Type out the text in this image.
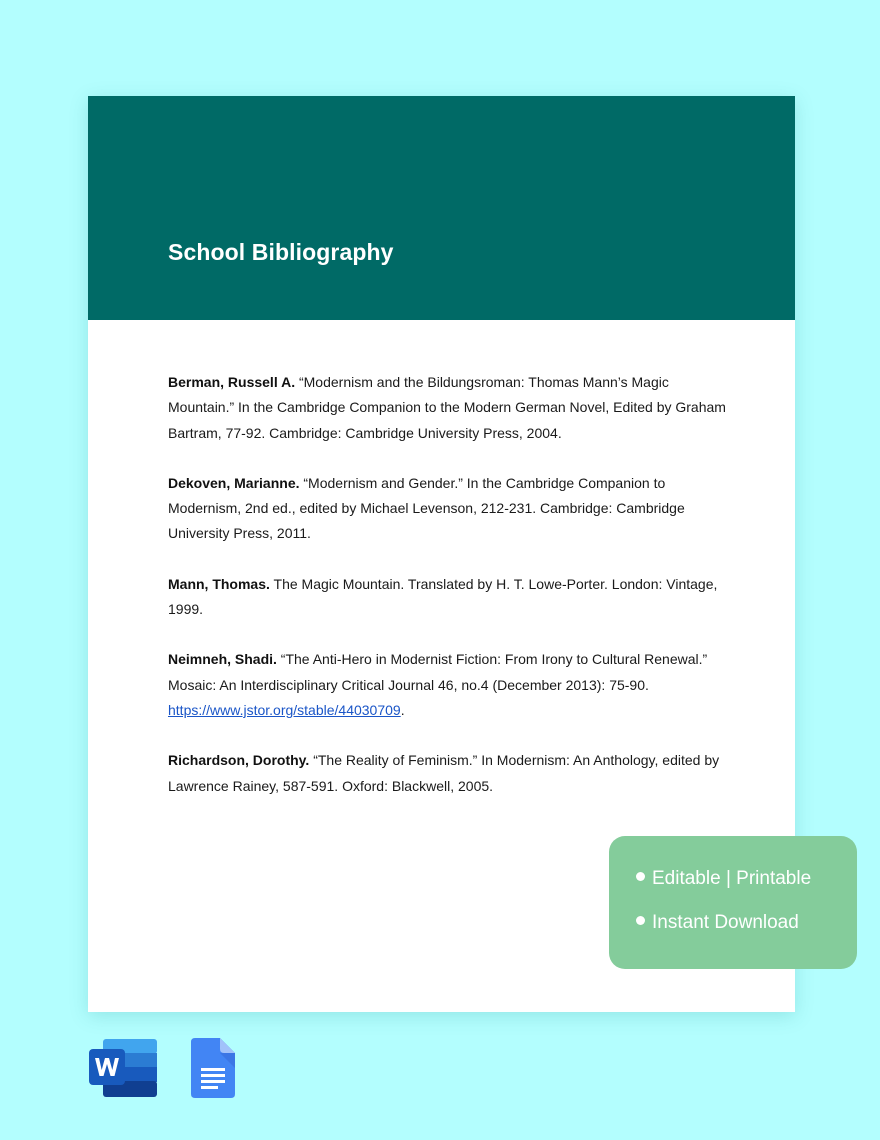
School Bibliography

Berman, Russell A. “Modernism and the Bildungsroman: Thomas Mann’s Magic Mountain.” In the Cambridge Companion to the Modern German Novel, Edited by Graham Bartram, 77-92. Cambridge: Cambridge University Press, 2004.

Dekoven, Marianne. “Modernism and Gender.” In the Cambridge Companion to Modernism, 2nd ed., edited by Michael Levenson, 212-231. Cambridge: Cambridge University Press, 2011.

Mann, Thomas. The Magic Mountain. Translated by H. T. Lowe-Porter. London: Vintage, 1999.

Neimneh, Shadi. “The Anti-Hero in Modernist Fiction: From Irony to Cultural Renewal.” Mosaic: An Interdisciplinary Critical Journal 46, no.4 (December 2013): 75-90. https://www.jstor.org/stable/44030709.

Richardson, Dorothy. “The Reality of Feminism.” In Modernism: An Anthology, edited by Lawrence Rainey, 587-591. Oxford: Blackwell, 2005.

Editable | Printable
Instant Download
